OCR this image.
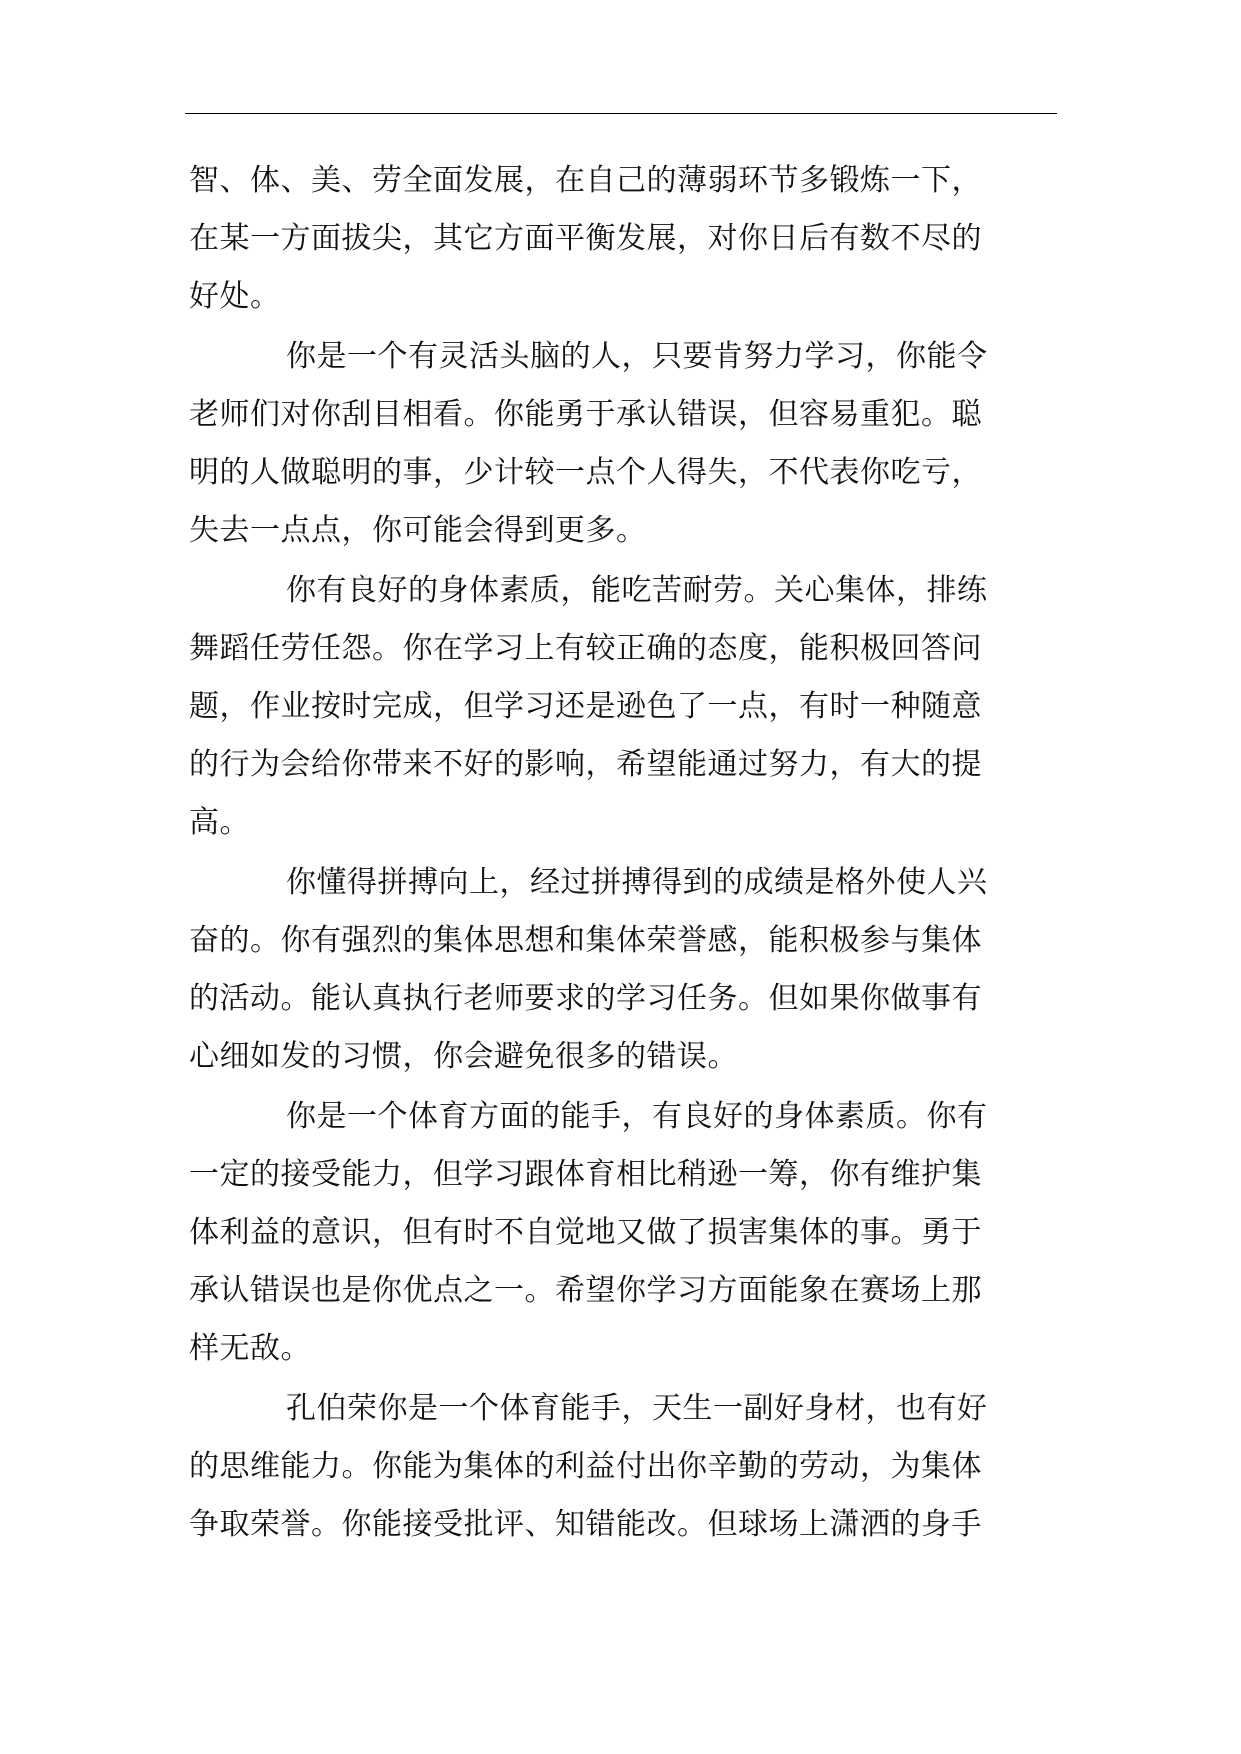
智、体、美、劳全面发展，在自己的薄弱环节多锻炼一下，
在某一方面拔尖，其它方面平衡发展，对你日后有数不尽的
好处。
你是一个有灵活头脑的人，只要肯努力学习，你能令
老师们对你刮目相看。你能勇于承认错误，但容易重犯。聪
明的人做聪明的事，少计较一点个人得失，不代表你吃亏，
失去一点点，你可能会得到更多。
你有良好的身体素质，能吃苦耐劳。关心集体，排练
舞蹈任劳任怨。你在学习上有较正确的态度，能积极回答问
题，作业按时完成，但学习还是逊色了一点，有时一种随意
的行为会给你带来不好的影响，希望能通过努力，有大的提
高。
你懂得拼搏向上，经过拼搏得到的成绩是格外使人兴
奋的。你有强烈的集体思想和集体荣誉感，能积极参与集体
的活动。能认真执行老师要求的学习任务。但如果你做事有
心细如发的习惯，你会避免很多的错误。
你是一个体育方面的能手，有良好的身体素质。你有
一定的接受能力，但学习跟体育相比稍逊一筹，你有维护集
体利益的意识，但有时不自觉地又做了损害集体的事。勇于
承认错误也是你优点之一。希望你学习方面能象在赛场上那
样无敌。
孔伯荣你是一个体育能手，天生一副好身材，也有好
的思维能力。你能为集体的利益付出你辛勤的劳动，为集体
争取荣誉。你能接受批评、知错能改。但球场上潇洒的身手
